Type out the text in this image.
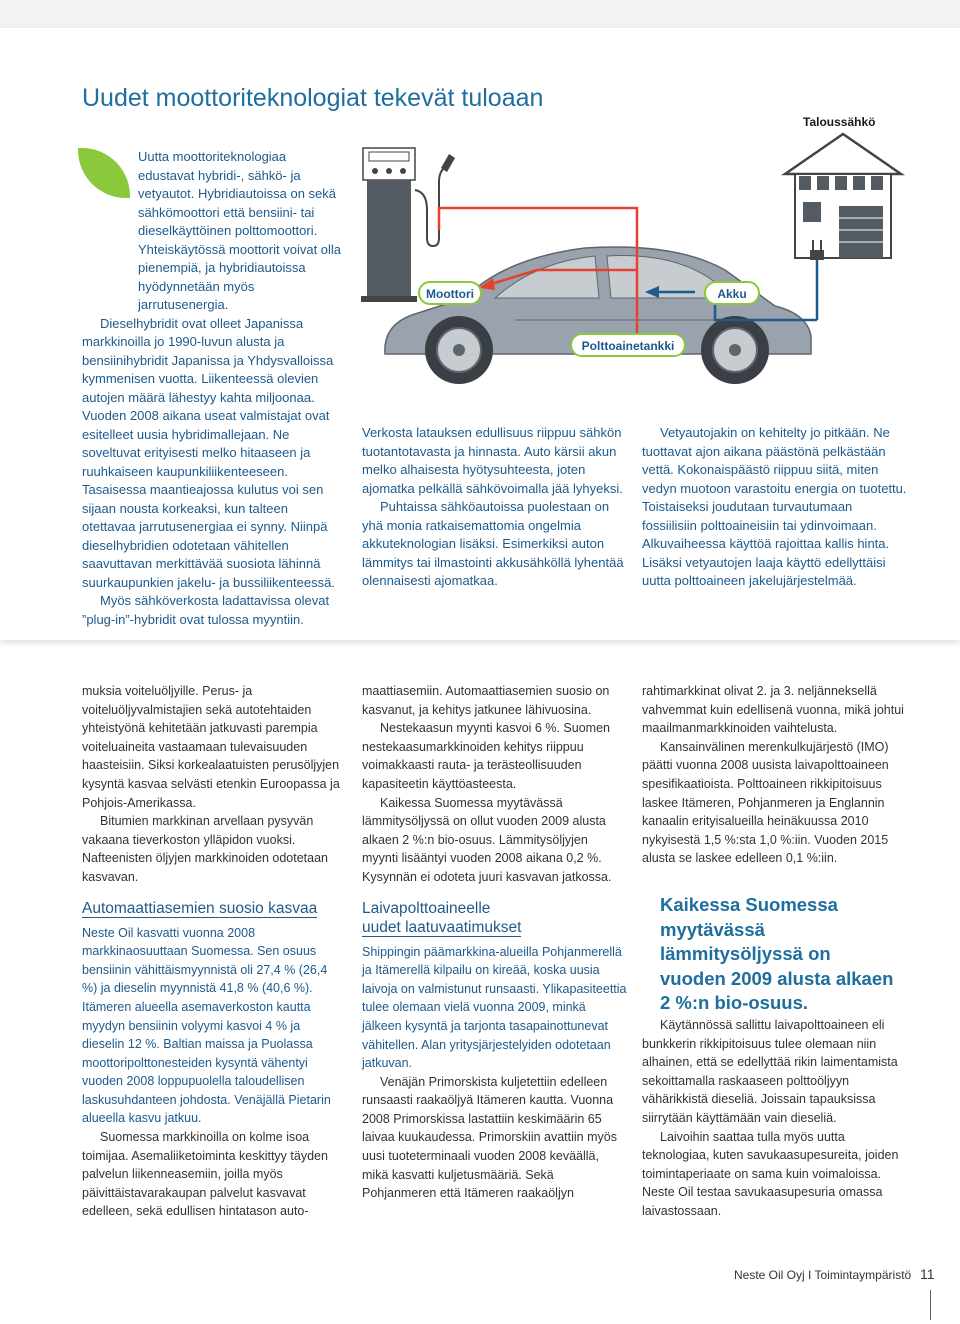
Uudet moottoriteknologiat tekevät tuloaan

Uutta moottoriteknologiaa edustavat hybridi-, sähkö- ja vetyautot. Hybridiautoissa on sekä sähkömoottori että bensiini- tai dieselkäyttöinen polttomoottori. Yhteiskäytössä moottorit voivat olla pienempiä, ja hybridiautoissa hyödynnetään myös jarrutusenergia.

Dieselhybridit ovat olleet Japanissa markkinoilla jo 1990-luvun alusta ja bensiinihybridit Japanissa ja Yhdysvalloissa kymmenisen vuotta. Liikenteessä olevien autojen määrä lähestyy kahta miljoonaa. Vuoden 2008 aikana useat valmistajat ovat esitelleet uusia hybridimallejaan. Ne soveltuvat erityisesti melko hitaaseen ja ruuhkaiseen kaupunkiliikenteeseen. Tasaisessa maantieajossa kulutus voi sen sijaan nousta korkeaksi, kun talteen otettavaa jarrutusenergiaa ei synny. Niinpä dieselhybridien odotetaan vähitellen saavuttavan merkittävää suosiota lähinnä suurkaupunkien jakelu- ja bussiliikenteessä.

Myös sähköverkosta ladattavissa olevat ”plug-in”-hybridit ovat tulossa myyntiin.

Moottori	Akku
Polttoainetankki
Taloussähkö

Verkosta latauksen edullisuus riippuu sähkön tuotantotavasta ja hinnasta. Auto kärsii akun melko alhaisesta hyötysuhteesta, joten ajomatka pelkällä sähkövoimalla jää lyhyeksi.

Puhtaissa sähköautoissa puolestaan on yhä monia ratkaisemattomia ongelmia akkuteknologian lisäksi. Esimerkiksi auton lämmitys tai ilmastointi akkusähköllä lyhentää olennaisesti ajomatkaa.

Vetyautojakin on kehitelty jo pitkään. Ne tuottavat ajon aikana päästönä pelkästään vettä. Kokonaispäästö riippuu siitä, miten vedyn muotoon varastoitu energia on tuotettu. Toistaiseksi joudutaan turvautumaan fossiilisiin polttoaineisiin tai ydinvoimaan. Alkuvaiheessa käyttöä rajoittaa kallis hinta. Lisäksi vetyautojen laaja käyttö edellyttäisi uutta polttoaineen jakelujärjestelmää.

muksia voiteluöljyille. Perus- ja voiteluöljyvalmistajien sekä autotehtaiden yhteistyönä kehitetään jatkuvasti parempia voiteluaineita vastaamaan tulevaisuuden haasteisiin. Siksi korkealaatuisten perusöljyjen kysyntä kasvaa selvästi etenkin Euroopassa ja Pohjois-Amerikassa.

Bitumien markkinan arvellaan pysyvän vakaana tieverkoston ylläpidon vuoksi. Nafteenisten öljyjen markkinoiden odotetaan kasvavan.

Automaattiasemien suosio kasvaa

Neste Oil kasvatti vuonna 2008 markkinaosuuttaan Suomessa. Sen osuus bensiinin vähittäismyynnistä oli 27,4 % (26,4 %) ja dieselin myynnistä 41,8 % (40,6 %). Itämeren alueella asemaverkoston kautta myydyn bensiinin volyymi kasvoi 4 % ja dieselin 12 %. Baltian maissa ja Puolassa moottoripolttonesteiden kysyntä vähentyi vuoden 2008 loppupuolella taloudellisen laskusuhdanteen johdosta. Venäjällä Pietarin alueella kasvu jatkuu.

Suomessa markkinoilla on kolme isoa toimijaa. Asemaliiketoiminta keskittyy täyden palvelun liikenneasemiin, joilla myös päivittäistavarakaupan palvelut kasvavat edelleen, sekä edullisen hintatason auto-

maattiasemiin. Automaattiasemien suosio on kasvanut, ja kehitys jatkunee lähivuosina.

Nestekaasun myynti kasvoi 6 %. Suomen nestekaasumarkkinoiden kehitys riippuu voimakkaasti rauta- ja terästeollisuuden kapasiteetin käyttöasteesta.

Kaikessa Suomessa myytävässä lämmitysöljyssä on ollut vuoden 2009 alusta alkaen 2 %:n bio-osuus. Lämmitysöljyjen myynti lisääntyi vuoden 2008 aikana 0,2 %. Kysynnän ei odoteta juuri kasvavan jatkossa.

Laivapolttoaineelle
uudet laatuvaatimukset

Shippingin päämarkkina-alueilla Pohjanmerellä ja Itämerellä kilpailu on kireää, koska uusia laivoja on valmistunut runsaasti. Ylikapasiteettia tulee olemaan vielä vuonna 2009, minkä jälkeen kysyntä ja tarjonta tasapainottunevat vähitellen. Alan yritysjärjestelyiden odotetaan jatkuvan.

Venäjän Primorskista kuljetettiin edelleen runsaasti raakaöljyä Itämeren kautta. Vuonna 2008 Primorskissa lastattiin keskimäärin 65 laivaa kuukaudessa. Primorskiin avattiin myös uusi tuoteterminaali vuoden 2008 keväällä, mikä kasvatti kuljetusmääriä. Sekä Pohjanmeren että Itämeren raakaöljyn

rahtimarkkinat olivat 2. ja 3. neljänneksellä vahvemmat kuin edellisenä vuonna, mikä johtui maailmanmarkkinoiden vaihtelusta.

Kansainvälinen merenkulkujärjestö (IMO) päätti vuonna 2008 uusista laivapolttoaineen spesifikaatioista. Polttoaineen rikkipitoisuus laskee Itämeren, Pohjanmeren ja Englannin kanaalin erityisalueilla heinäkuussa 2010 nykyisestä 1,5 %:sta 1,0 %:iin. Vuoden 2015 alusta se laskee edelleen 0,1 %:iin.

Kaikessa Suomessa myytävässä lämmitysöljyssä on vuoden 2009 alusta alkaen 2 %:n bio-osuus.

Käytännössä sallittu laivapolttoaineen eli bunkkerin rikkipitoisuus tulee olemaan niin alhainen, että se edellyttää rikin laimentamista sekoittamalla raskaaseen polttoöljyyn vähärikkistä dieseliä. Joissain tapauksissa siirrytään käyttämään vain dieseliä.

Laivoihin saattaa tulla myös uutta teknologiaa, kuten savukaasupesureita, joiden toimintaperiaate on sama kuin voimaloissa. Neste Oil testaa savukaasupesuria omassa laivastossaan.

Neste Oil Oyj I Toimintaympäristö 11
